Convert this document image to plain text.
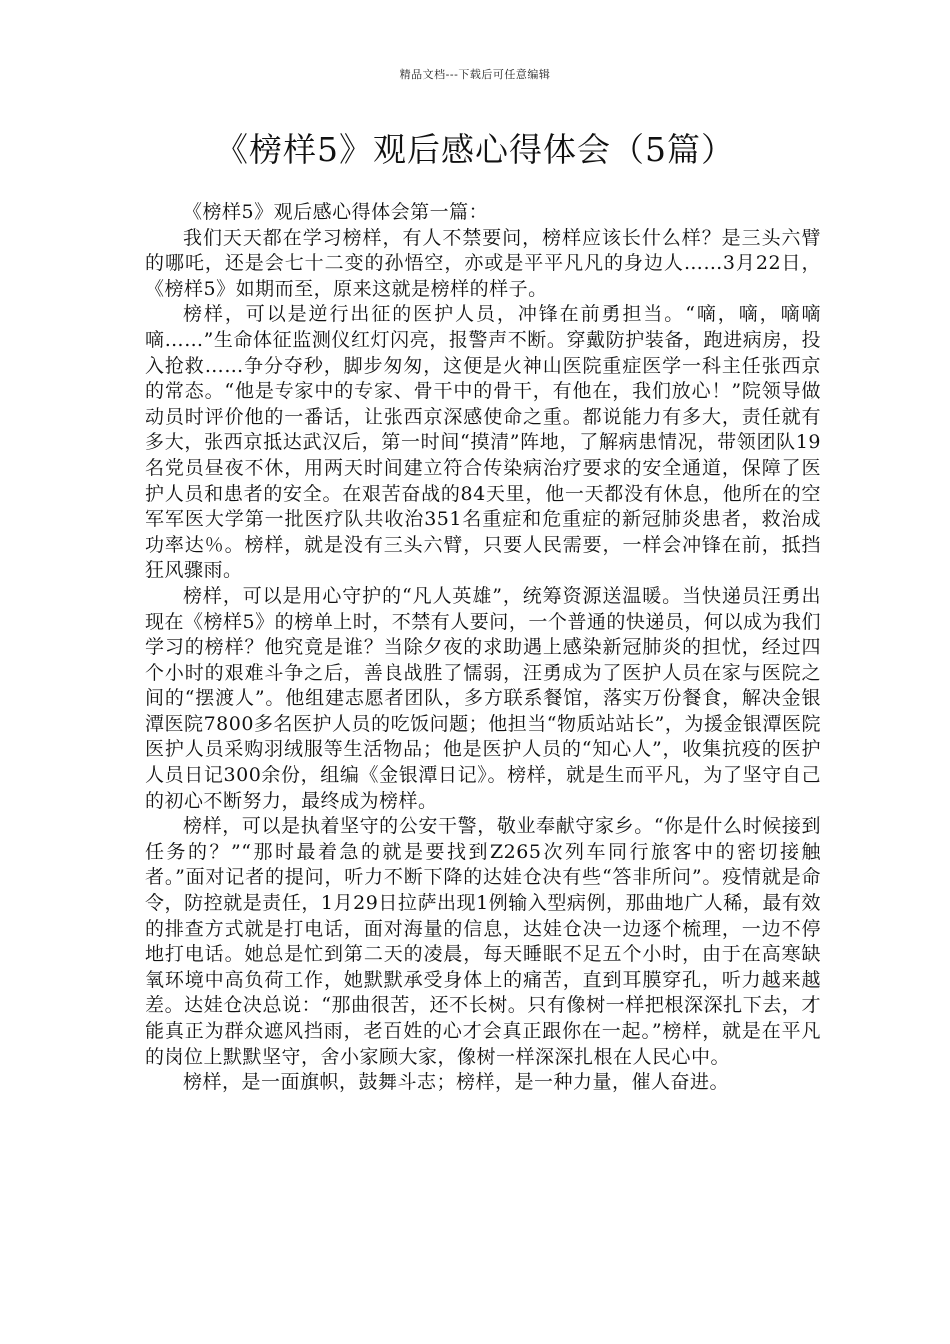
精品文档---下载后可任意编辑
《榜样5》观后感心得体会（5篇）

《榜样5》观后感心得体会第一篇：

我们天天都在学习榜样，有人不禁要问，榜样应该长什么样？是三头六臂的哪吒，还是会七十二变的孙悟空，亦或是平平凡凡的身边人……3月22日，《榜样5》如期而至，原来这就是榜样的样子。

榜样，可以是逆行出征的医护人员，冲锋在前勇担当。“嘀，嘀，嘀嘀嘀……”生命体征监测仪红灯闪亮，报警声不断。穿戴防护装备，跑进病房，投入抢救……争分夺秒，脚步匆匆，这便是火神山医院重症医学一科主任张西京的常态。“他是专家中的专家、骨干中的骨干，有他在，我们放心！”院领导做动员时评价他的一番话，让张西京深感使命之重。都说能力有多大，责任就有多大，张西京抵达武汉后，第一时间“摸清”阵地，了解病患情况，带领团队19名党员昼夜不休，用两天时间建立符合传染病治疗要求的安全通道，保障了医护人员和患者的安全。在艰苦奋战的84天里，他一天都没有休息，他所在的空军军医大学第一批医疗队共收治351名重症和危重症的新冠肺炎患者，救治成功率达％。榜样，就是没有三头六臂，只要人民需要，一样会冲锋在前，抵挡狂风骤雨。

榜样，可以是用心守护的“凡人英雄”，统筹资源送温暖。当快递员汪勇出现在《榜样5》的榜单上时，不禁有人要问，一个普通的快递员，何以成为我们学习的榜样？他究竟是谁？当除夕夜的求助遇上感染新冠肺炎的担忧，经过四个小时的艰难斗争之后，善良战胜了懦弱，汪勇成为了医护人员在家与医院之间的“摆渡人”。他组建志愿者团队，多方联系餐馆，落实万份餐食，解决金银潭医院7800多名医护人员的吃饭问题；他担当“物质站站长”，为援金银潭医院医护人员采购羽绒服等生活物品；他是医护人员的“知心人”，收集抗疫的医护人员日记300余份，组编《金银潭日记》。榜样，就是生而平凡，为了坚守自己的初心不断努力，最终成为榜样。

榜样，可以是执着坚守的公安干警，敬业奉献守家乡。“你是什么时候接到任务的？”“那时最着急的就是要找到Z265次列车同行旅客中的密切接触者。”面对记者的提问，听力不断下降的达娃仓决有些“答非所问”。疫情就是命令，防控就是责任，1月29日拉萨出现1例输入型病例，那曲地广人稀，最有效的排查方式就是打电话，面对海量的信息，达娃仓决一边逐个梳理，一边不停地打电话。她总是忙到第二天的凌晨，每天睡眠不足五个小时，由于在高寒缺氧环境中高负荷工作，她默默承受身体上的痛苦，直到耳膜穿孔，听力越来越差。达娃仓决总说：“那曲很苦，还不长树。只有像树一样把根深深扎下去，才能真正为群众遮风挡雨，老百姓的心才会真正跟你在一起。”榜样，就是在平凡的岗位上默默坚守，舍小家顾大家，像树一样深深扎根在人民心中。

榜样，是一面旗帜，鼓舞斗志；榜样，是一种力量，催人奋进。
